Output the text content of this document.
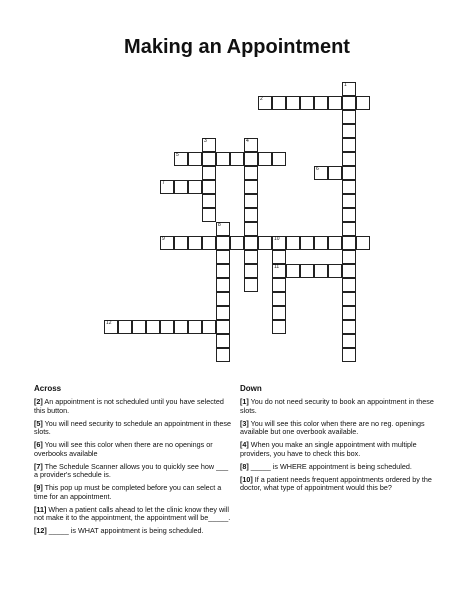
Making an Appointment
1
2
3	4
5
6
7
8
9	10
11
12
Across	Down
[2] An appointment is not scheduled until you have selected this button.
[5] You will need security to schedule an appointment in these slots.
[6] You will see this color when there are no openings or overbooks available
[7] The Schedule Scanner allows you to quickly see how ___ a provider's schedule is.
[9] This pop up must be completed before you can select a time for an appointment.
[11] When a patient calls ahead to let the clinic know they will not make it to the appointment, the appointment will be_____.
[12] _____ is WHAT appointment is being scheduled.
[1] You do not need security to book an appointment in these slots.
[3] You will see this color when there are no reg. openings available but one overbook available.
[4] When you make an single appointment with multiple providers, you have to check this box.
[8] _____ is WHERE appointment is being scheduled.
[10] If a patient needs frequent appointments ordered by the doctor, what type of appointment would this be?
